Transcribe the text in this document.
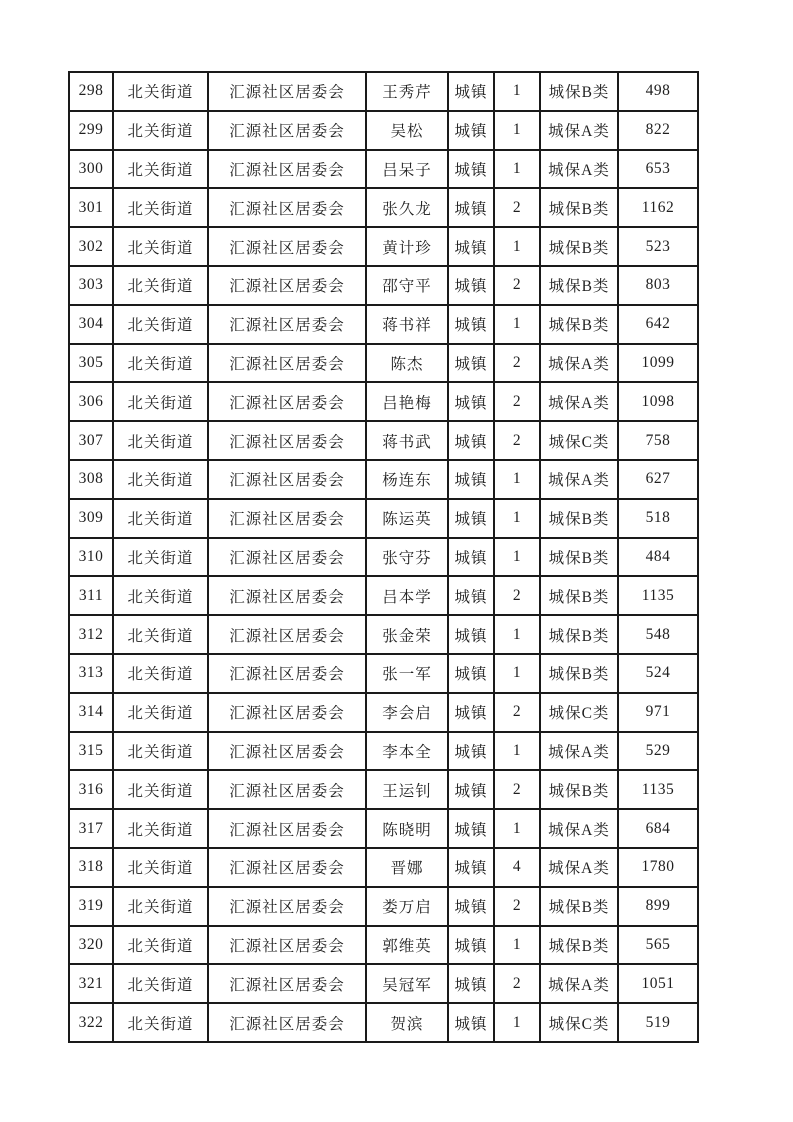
298	北关街道	汇源社区居委会	王秀芹	城镇	1	城保B类	498
299	北关街道	汇源社区居委会	吴松	城镇	1	城保A类	822
300	北关街道	汇源社区居委会	吕呆子	城镇	1	城保A类	653
301	北关街道	汇源社区居委会	张久龙	城镇	2	城保B类	1162
302	北关街道	汇源社区居委会	黄计珍	城镇	1	城保B类	523
303	北关街道	汇源社区居委会	邵守平	城镇	2	城保B类	803
304	北关街道	汇源社区居委会	蒋书祥	城镇	1	城保B类	642
305	北关街道	汇源社区居委会	陈杰	城镇	2	城保A类	1099
306	北关街道	汇源社区居委会	吕艳梅	城镇	2	城保A类	1098
307	北关街道	汇源社区居委会	蒋书武	城镇	2	城保C类	758
308	北关街道	汇源社区居委会	杨连东	城镇	1	城保A类	627
309	北关街道	汇源社区居委会	陈运英	城镇	1	城保B类	518
310	北关街道	汇源社区居委会	张守芬	城镇	1	城保B类	484
311	北关街道	汇源社区居委会	吕本学	城镇	2	城保B类	1135
312	北关街道	汇源社区居委会	张金荣	城镇	1	城保B类	548
313	北关街道	汇源社区居委会	张一军	城镇	1	城保B类	524
314	北关街道	汇源社区居委会	李会启	城镇	2	城保C类	971
315	北关街道	汇源社区居委会	李本全	城镇	1	城保A类	529
316	北关街道	汇源社区居委会	王运钊	城镇	2	城保B类	1135
317	北关街道	汇源社区居委会	陈晓明	城镇	1	城保A类	684
318	北关街道	汇源社区居委会	晋娜	城镇	4	城保A类	1780
319	北关街道	汇源社区居委会	娄万启	城镇	2	城保B类	899
320	北关街道	汇源社区居委会	郭维英	城镇	1	城保B类	565
321	北关街道	汇源社区居委会	吴冠军	城镇	2	城保A类	1051
322	北关街道	汇源社区居委会	贺滨	城镇	1	城保C类	519
